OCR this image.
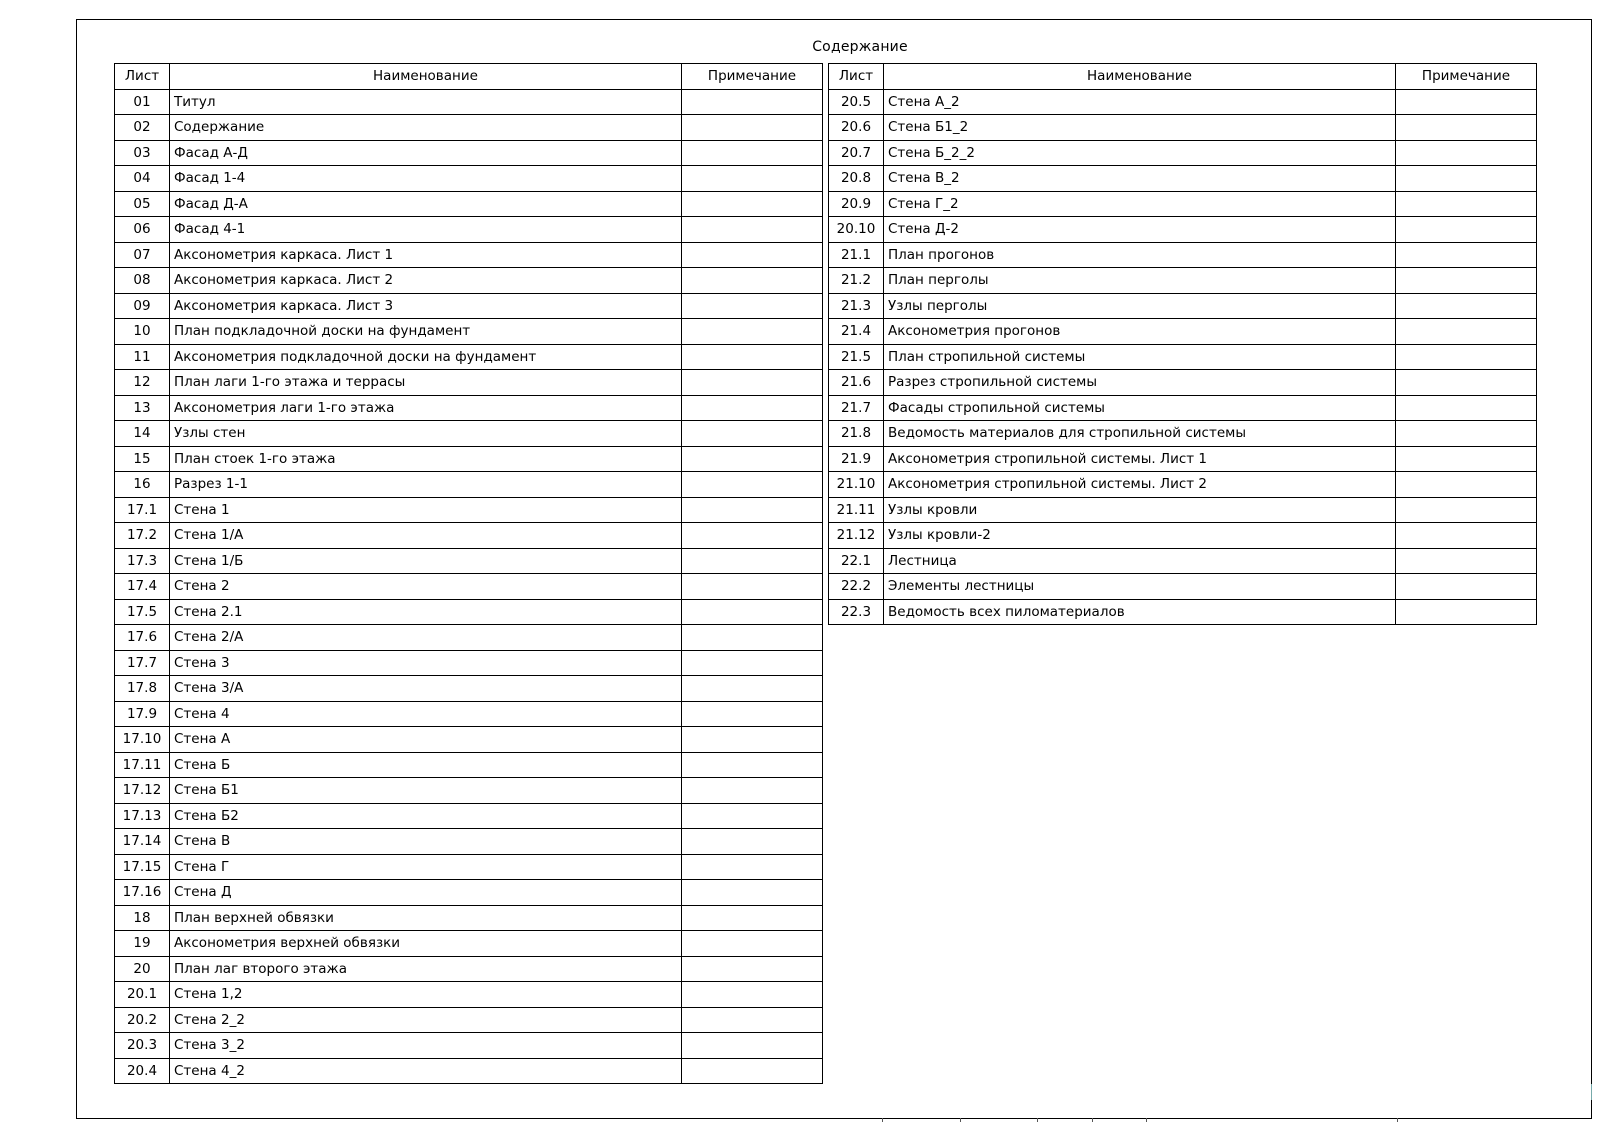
Содержание
Лист	Наименование	Примечание
01	Титул	
02	Содержание	
03	Фасад А-Д	
04	Фасад 1-4	
05	Фасад Д-А	
06	Фасад 4-1	
07	Аксонометрия каркаса. Лист 1	
08	Аксонометрия каркаса. Лист 2	
09	Аксонометрия каркаса. Лист 3	
10	План подкладочной доски на фундамент	
11	Аксонометрия подкладочной доски на фундамент	
12	План лаги 1-го этажа и террасы	
13	Аксонометрия лаги 1-го этажа	
14	Узлы стен	
15	План стоек 1-го этажа	
16	Разрез 1-1	
17.1	Стена 1	
17.2	Стена 1/А	
17.3	Стена 1/Б	
17.4	Стена 2	
17.5	Стена 2.1	
17.6	Стена 2/А	
17.7	Стена 3	
17.8	Стена 3/А	
17.9	Стена 4	
17.10	Стена А	
17.11	Стена Б	
17.12	Стена Б1	
17.13	Стена Б2	
17.14	Стена В	
17.15	Стена Г	
17.16	Стена Д	
18	План верхней обвязки	
19	Аксонометрия верхней обвязки	
20	План лаг второго этажа	
20.1	Стена 1,2	
20.2	Стена 2_2	
20.3	Стена 3_2	
20.4	Стена 4_2	
Лист	Наименование	Примечание
20.5	Стена А_2	
20.6	Стена Б1_2	
20.7	Стена Б_2_2	
20.8	Стена В_2	
20.9	Стена Г_2	
20.10	Стена Д-2	
21.1	План прогонов	
21.2	План перголы	
21.3	Узлы перголы	
21.4	Аксонометрия прогонов	
21.5	План стропильной системы	
21.6	Разрез стропильной системы	
21.7	Фасады стропильной системы	
21.8	Ведомость материалов для стропильной системы	
21.9	Аксонометрия стропильной системы. Лист 1	
21.10	Аксонометрия стропильной системы. Лист 2	
21.11	Узлы кровли	
21.12	Узлы кровли-2	
22.1	Лестница	
22.2	Элементы лестницы	
22.3	Ведомость всех пиломатериалов	
